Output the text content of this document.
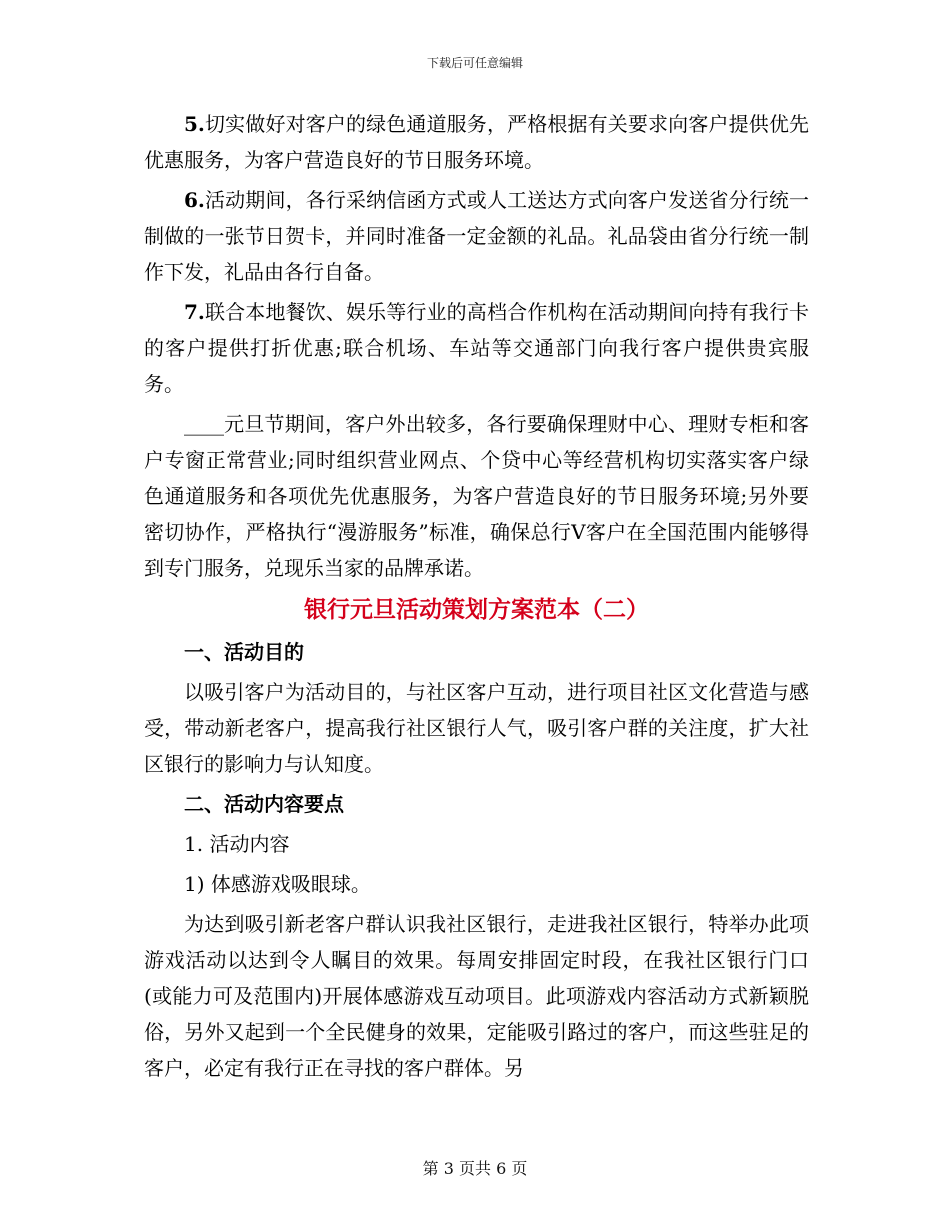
下载后可任意编辑

5.切实做好对客户的绿色通道服务，严格根据有关要求向客户提供优先优惠服务，为客户营造良好的节日服务环境。

6.活动期间，各行采纳信函方式或人工送达方式向客户发送省分行统一制做的一张节日贺卡，并同时准备一定金额的礼品。礼品袋由省分行统一制作下发，礼品由各行自备。

7.联合本地餐饮、娱乐等行业的高档合作机构在活动期间向持有我行卡的客户提供打折优惠;联合机场、车站等交通部门向我行客户提供贵宾服务。

____元旦节期间，客户外出较多，各行要确保理财中心、理财专柜和客户专窗正常营业;同时组织营业网点、个贷中心等经营机构切实落实客户绿色通道服务和各项优先优惠服务，为客户营造良好的节日服务环境;另外要密切协作，严格执行“漫游服务”标准，确保总行V客户在全国范围内能够得到专门服务，兑现乐当家的品牌承诺。

银行元旦活动策划方案范本（二）
一、活动目的

以吸引客户为活动目的，与社区客户互动，进行项目社区文化营造与感受，带动新老客户，提高我行社区银行人气，吸引客户群的关注度，扩大社区银行的影响力与认知度。

二、活动内容要点
1. 活动内容
1) 体感游戏吸眼球。

为达到吸引新老客户群认识我社区银行，走进我社区银行，特举办此项游戏活动以达到令人瞩目的效果。每周安排固定时段，在我社区银行门口(或能力可及范围内)开展体感游戏互动项目。此项游戏内容活动方式新颖脱俗，另外又起到一个全民健身的效果，定能吸引路过的客户，而这些驻足的客户，必定有我行正在寻找的客户群体。另

第 3 页共 6 页
